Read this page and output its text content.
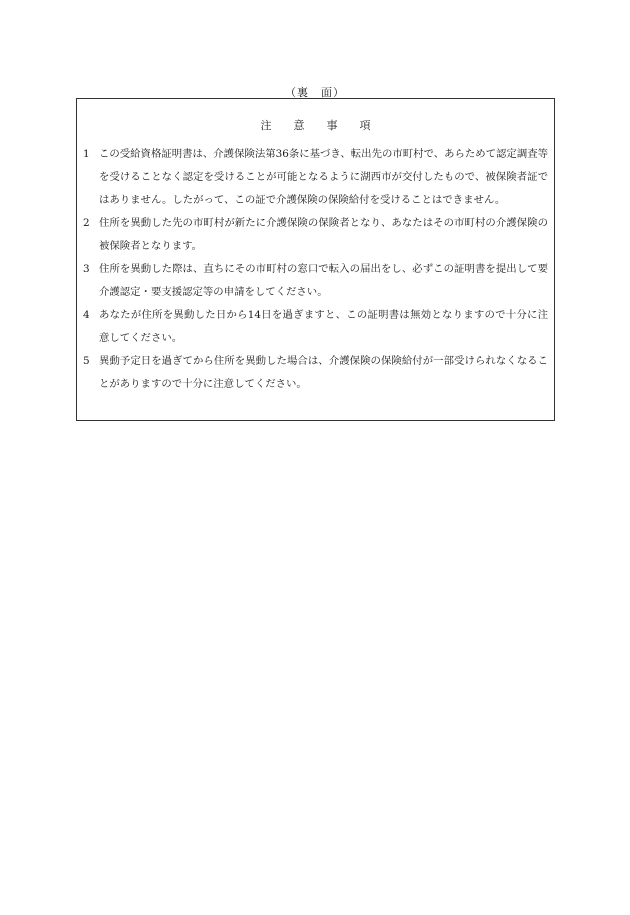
（裏　面）
注意事項
1 この受給資格証明書は、介護保険法第36条に基づき、転出先の市町村で、あらためて認定調査等を受けることなく認定を受けることが可能となるように湖西市が交付したもので、被保険者証ではありません。したがって、この証で介護保険の保険給付を受けることはできません。
2 住所を異動した先の市町村が新たに介護保険の保険者となり、あなたはその市町村の介護保険の被保険者となります。
3 住所を異動した際は、直ちにその市町村の窓口で転入の届出をし、必ずこの証明書を提出して要介護認定・要支援認定等の申請をしてください。
4 あなたが住所を異動した日から14日を過ぎますと、この証明書は無効となりますので十分に注意してください。
5 異動予定日を過ぎてから住所を異動した場合は、介護保険の保険給付が一部受けられなくなることがありますので十分に注意してください。
